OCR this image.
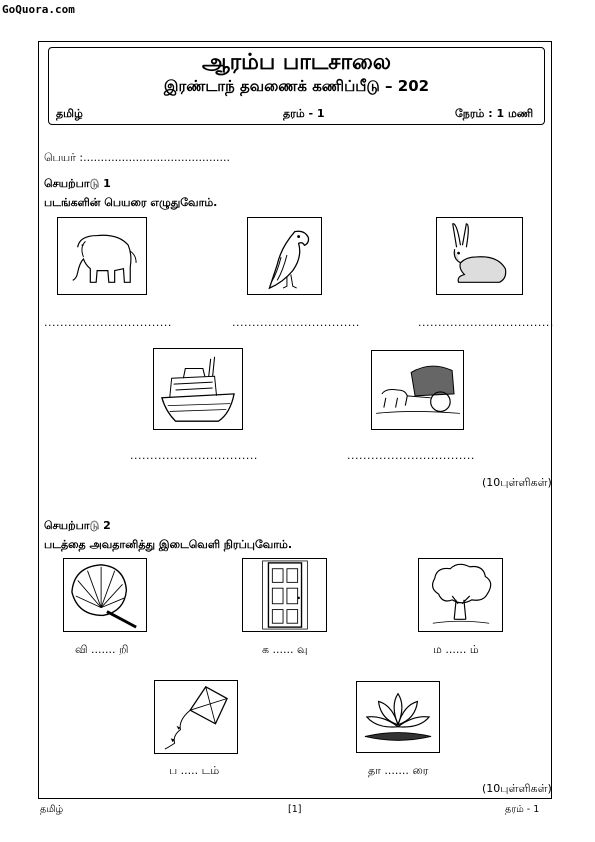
GoQuora.com
ஆரம்ப பாடசாலை
இரண்டாந் தவணைக் கணிப்பீடு – 202
தமிழ்	தரம் - 1	நேரம் : 1 மணி
பெயர் :..........................................
செயற்பாடு 1
படங்களின் பெயரை எழுதுவோம்.
................................	................................	..................................
................................	................................
(10புள்ளிகள்)
செயற்பாடு 2
படத்தை அவதானித்து இடைவெளி நிரப்புவோம்.
வி ....... றி	க ...... வு	ம ...... ம்
ப ..... டம்	தா ....... ரை
(10புள்ளிகள்)
தமிழ்	[1]	தரம் - 1
